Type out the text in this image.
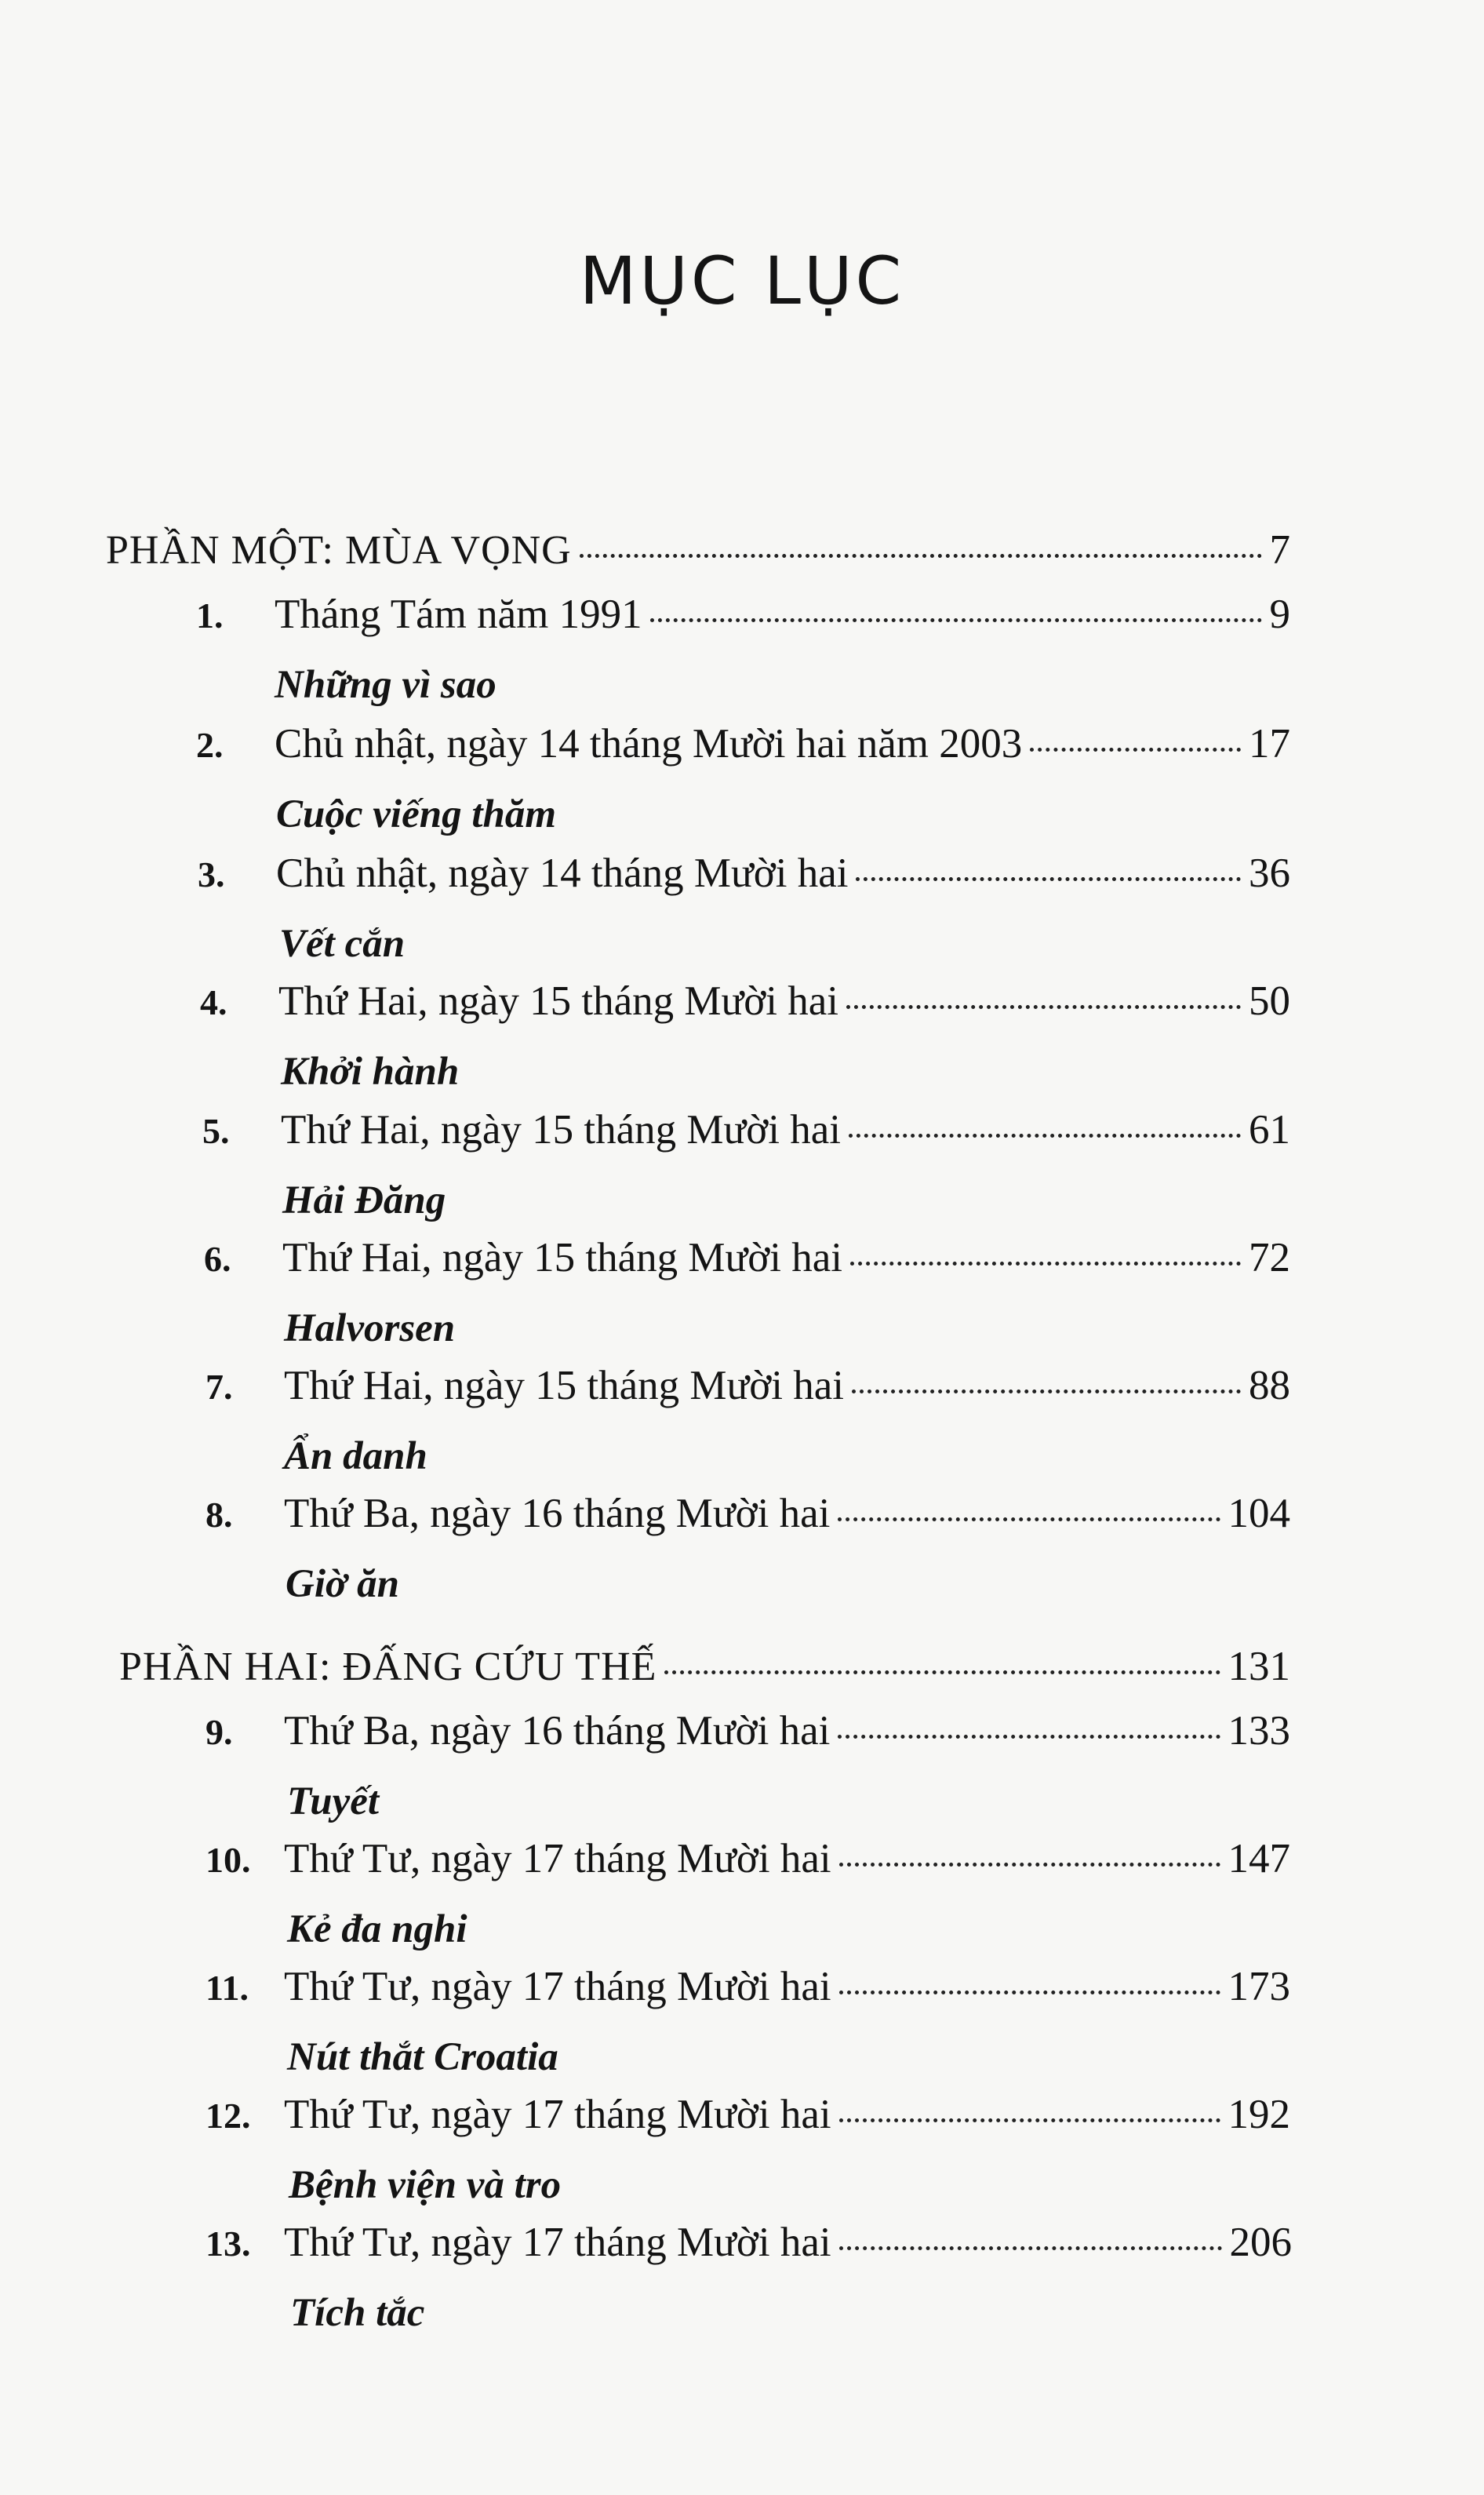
MỤC LỤC
PHẦN MỘT: MÙA VỌNG	7
1.	Tháng Tám năm 1991	9
Những vì sao
2.	Chủ nhật, ngày 14 tháng Mười hai năm 2003	17
Cuộc viếng thăm
3.	Chủ nhật, ngày 14 tháng Mười hai	36
Vết cắn
4.	Thứ Hai, ngày 15 tháng Mười hai	50
Khởi hành
5.	Thứ Hai, ngày 15 tháng Mười hai	61
Hải Đăng
6.	Thứ Hai, ngày 15 tháng Mười hai	72
Halvorsen
7.	Thứ Hai, ngày 15 tháng Mười hai	88
Ẩn danh
8.	Thứ Ba, ngày 16 tháng Mười hai	104
Giờ ăn
PHẦN HAI: ĐẤNG CỨU THẾ	131
9.	Thứ Ba, ngày 16 tháng Mười hai	133
Tuyết
10. Thứ Tư, ngày 17 tháng Mười hai	147
Kẻ đa nghi
11. Thứ Tư, ngày 17 tháng Mười hai	173
Nút thắt Croatia
12. Thứ Tư, ngày 17 tháng Mười hai	192
Bệnh viện và tro
13. Thứ Tư, ngày 17 tháng Mười hai	206
Tích tắc
